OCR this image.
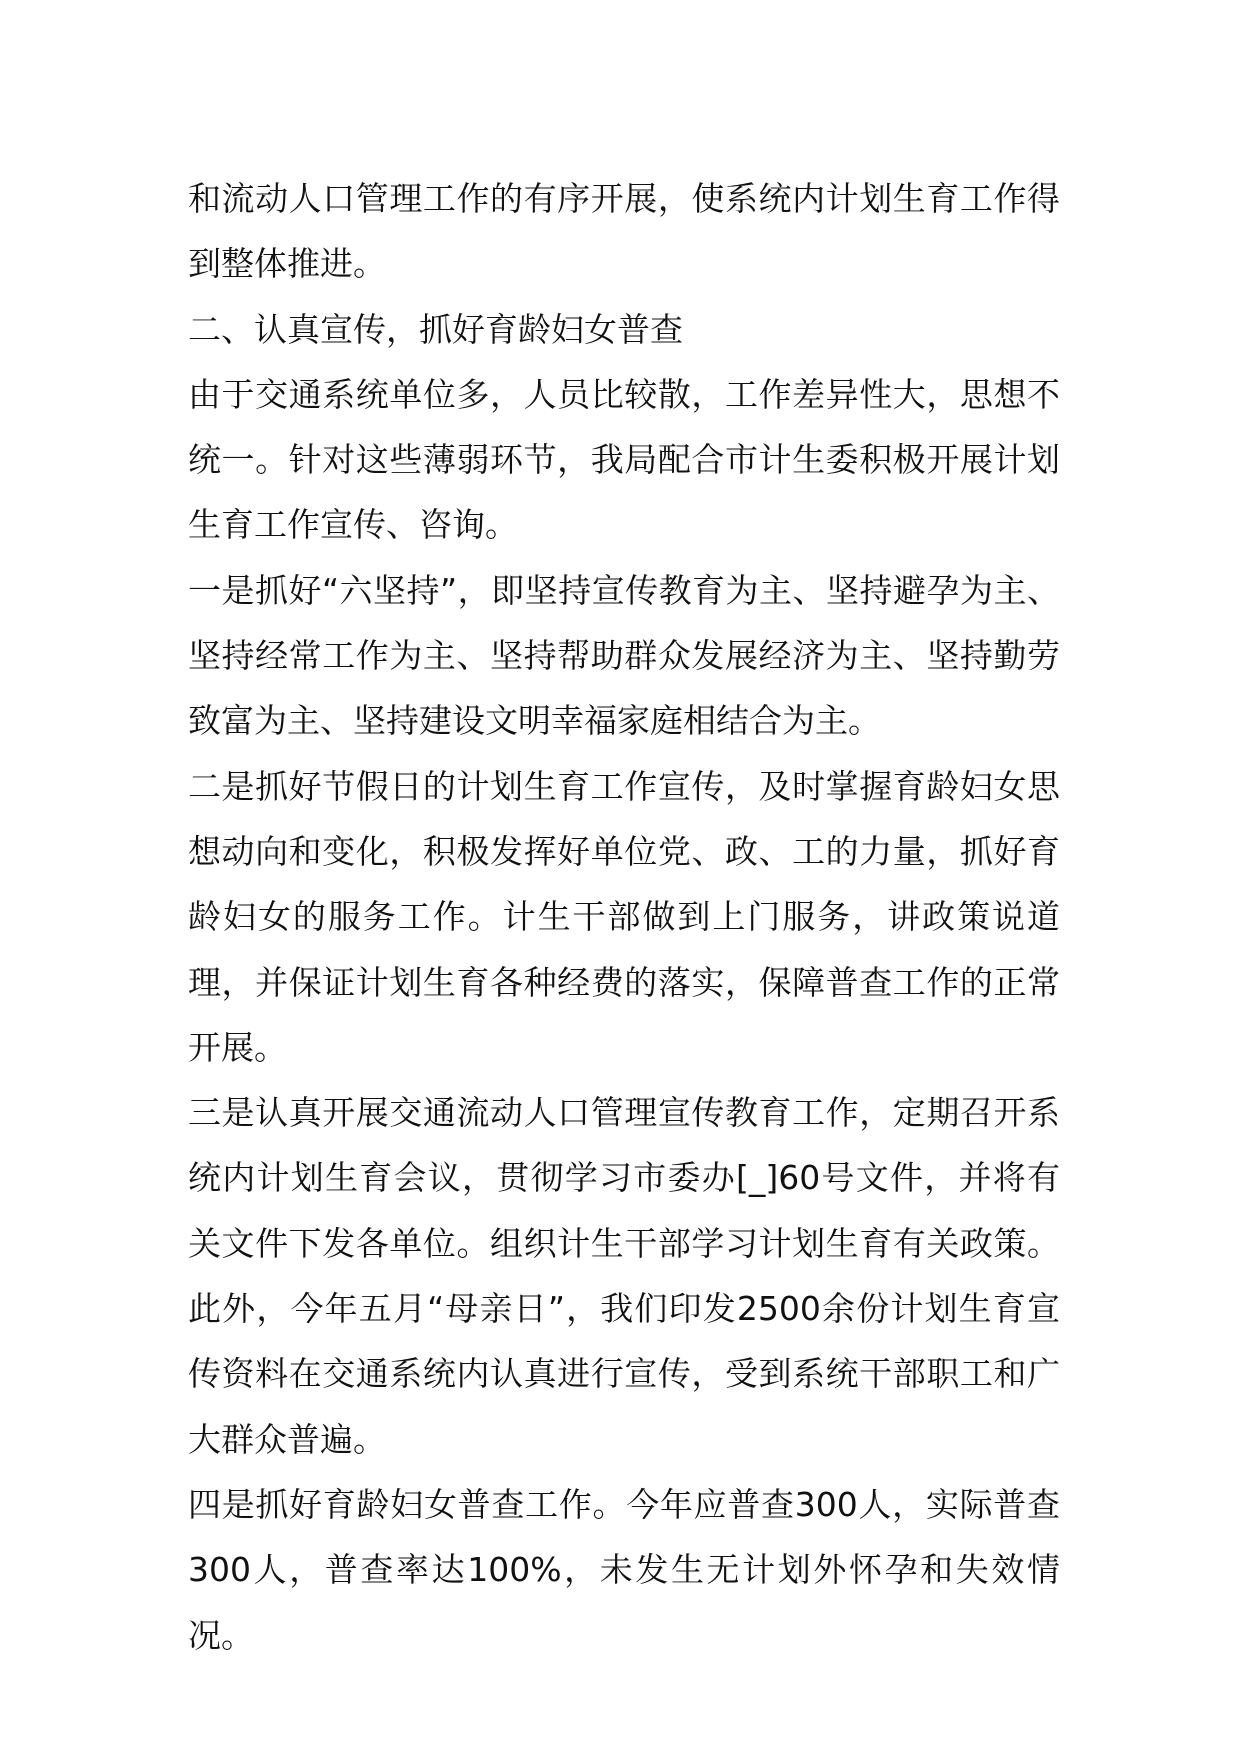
和流动人口管理工作的有序开展，使系统内计划生育工作得到整体推进。

二、认真宣传，抓好育龄妇女普查

由于交通系统单位多，人员比较散，工作差异性大，思想不统一。针对这些薄弱环节，我局配合市计生委积极开展计划生育工作宣传、咨询。

一是抓好“六坚持”，即坚持宣传教育为主、坚持避孕为主、坚持经常工作为主、坚持帮助群众发展经济为主、坚持勤劳致富为主、坚持建设文明幸福家庭相结合为主。

二是抓好节假日的计划生育工作宣传，及时掌握育龄妇女思想动向和变化，积极发挥好单位党、政、工的力量，抓好育龄妇女的服务工作。计生干部做到上门服务，讲政策说道理，并保证计划生育各种经费的落实，保障普查工作的正常开展。

三是认真开展交通流动人口管理宣传教育工作，定期召开系统内计划生育会议，贯彻学习市委办[_]60号文件，并将有关文件下发各单位。组织计生干部学习计划生育有关政策。此外，今年五月“母亲日”，我们印发2500余份计划生育宣传资料在交通系统内认真进行宣传，受到系统干部职工和广大群众普遍。

四是抓好育龄妇女普查工作。今年应普查300人，实际普查300人，普查率达100%，未发生无计划外怀孕和失效情况。
